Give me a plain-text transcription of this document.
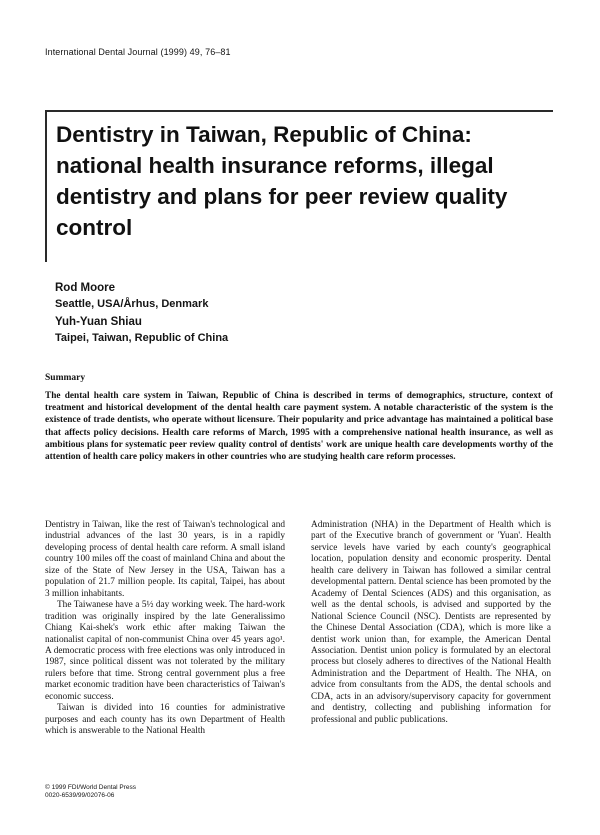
International Dental Journal (1999) 49, 76–81
Dentistry in Taiwan, Republic of China: national health insurance reforms, illegal dentistry and plans for peer review quality control
Rod Moore
Seattle, USA/Århus, Denmark
Yuh-Yuan Shiau
Taipei, Taiwan, Republic of China
Summary

The dental health care system in Taiwan, Republic of China is described in terms of demographics, structure, context of treatment and historical development of the dental health care payment system. A notable characteristic of the system is the existence of trade dentists, who operate without licensure. Their popularity and price advantage has maintained a political base that affects policy decisions. Health care reforms of March, 1995 with a comprehensive national health insurance, as well as ambitious plans for systematic peer review quality control of dentists' work are unique health care developments worthy of the attention of health care policy makers in other countries who are studying health care reform processes.

Dentistry in Taiwan, like the rest of Taiwan's technological and industrial advances of the last 30 years, is in a rapidly developing process of dental health care reform. A small island country 100 miles off the coast of mainland China and about the size of the State of New Jersey in the USA, Taiwan has a population of 21.7 million people. Its capital, Taipei, has about 3 million inhabitants.

The Taiwanese have a 5½ day working week. The hard-work tradition was originally inspired by the late Generalissimo Chiang Kai-shek's work ethic after making Taiwan the nationalist capital of non-communist China over 45 years ago¹. A democratic process with free elections was only introduced in 1987, since political dissent was not tolerated by the military rulers before that time. Strong central government plus a free market economic tradition have been characteristics of Taiwan's economic success.

Taiwan is divided into 16 counties for administrative purposes and each county has its own Department of Health which is answerable to the National Health

Administration (NHA) in the Department of Health which is part of the Executive branch of government or 'Yuan'. Health service levels have varied by each county's geographical location, population density and economic prosperity. Dental health care delivery in Taiwan has followed a similar central developmental pattern. Dental science has been promoted by the Academy of Dental Sciences (ADS) and this organisation, as well as the dental schools, is advised and supported by the National Science Council (NSC). Dentists are represented by the Chinese Dental Association (CDA), which is more like a dentist work union than, for example, the American Dental Association. Dentist union policy is formulated by an electoral process but closely adheres to directives of the National Health Administration and the Department of Health. The NHA, on advice from consultants from the ADS, the dental schools and CDA, acts in an advisory/supervisory capacity for government and dentistry, collecting and publishing information for professional and public publications.

© 1999 FDI/World Dental Press
0020-6539/99/02076-06
